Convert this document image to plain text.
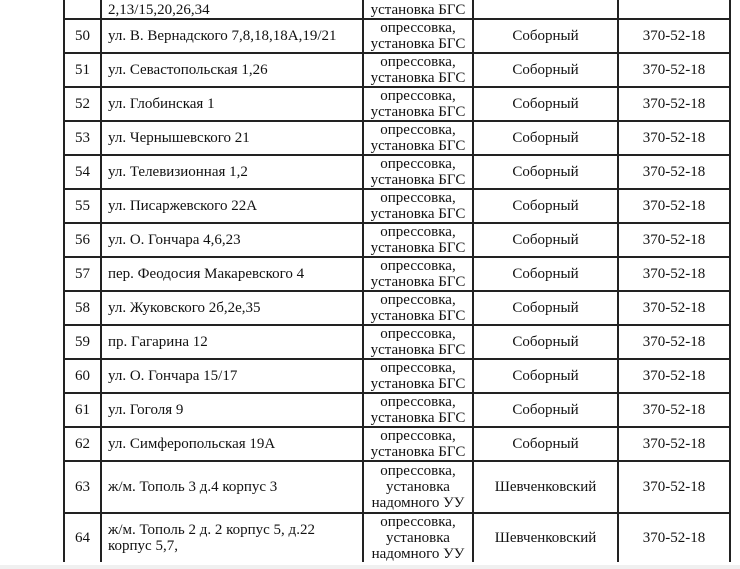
	2,13/15,20,26,34	установка БГС		
50	ул. В. Вернадского 7,8,18,18А,19/21	опрессовка, установка БГС	Соборный	370-52-18
51	ул. Севастопольская 1,26	опрессовка, установка БГС	Соборный	370-52-18
52	ул. Глобинская 1	опрессовка, установка БГС	Соборный	370-52-18
53	ул. Чернышевского 21	опрессовка, установка БГС	Соборный	370-52-18
54	ул. Телевизионная 1,2	опрессовка, установка БГС	Соборный	370-52-18
55	ул. Писаржевского 22А	опрессовка, установка БГС	Соборный	370-52-18
56	ул. О. Гончара 4,6,23	опрессовка, установка БГС	Соборный	370-52-18
57	пер. Феодосия Макаревского 4	опрессовка, установка БГС	Соборный	370-52-18
58	ул. Жуковского 2б,2е,35	опрессовка, установка БГС	Соборный	370-52-18
59	пр. Гагарина 12	опрессовка, установка БГС	Соборный	370-52-18
60	ул. О. Гончара 15/17	опрессовка, установка БГС	Соборный	370-52-18
61	ул. Гоголя 9	опрессовка, установка БГС	Соборный	370-52-18
62	ул. Симферопольская 19А	опрессовка, установка БГС	Соборный	370-52-18
63	ж/м. Тополь 3 д.4 корпус 3	опрессовка, установка надомного УУ	Шевченковский	370-52-18
64	ж/м. Тополь 2 д. 2 корпус 5, д.22 корпус 5,7,	опрессовка, установка надомного УУ	Шевченковский	370-52-18
